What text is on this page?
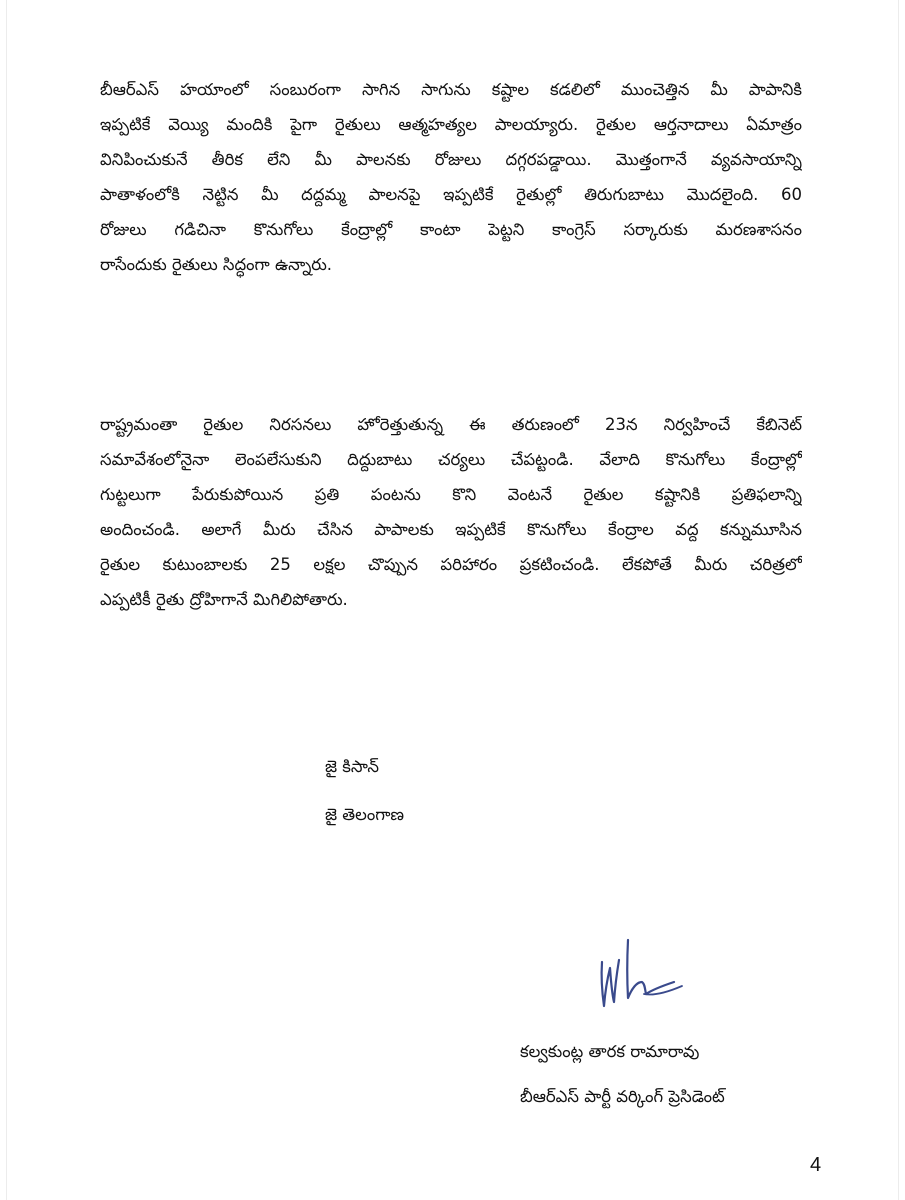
బీఆర్ఎస్ హయాంలో సంబురంగా సాగిన సాగును కష్టాల కడలిలో ముంచెత్తిన మీ పాపానికి
ఇప్పటికే వెయ్యి మందికి పైగా రైతులు ఆత్మహత్యల పాలయ్యారు. రైతుల ఆర్తనాదాలు ఏమాత్రం
వినిపించుకునే తీరిక లేని మీ పాలనకు రోజులు దగ్గరపడ్డాయి. మొత్తంగానే వ్యవసాయాన్ని
పాతాళంలోకి నెట్టిన మీ దద్దమ్మ పాలనపై ఇప్పటికే రైతుల్లో తిరుగుబాటు మొదలైంది. 60
రోజులు గడిచినా కొనుగోలు కేంద్రాల్లో కాంటా పెట్టని కాంగ్రెస్ సర్కారుకు మరణశాసనం
రాసేందుకు రైతులు సిద్ధంగా ఉన్నారు.
రాష్ట్రమంతా రైతుల నిరసనలు హోరెత్తుతున్న ఈ తరుణంలో 23న నిర్వహించే కేబినెట్
సమావేశంలోనైనా లెంపలేసుకుని దిద్దుబాటు చర్యలు చేపట్టండి. వేలాది కొనుగోలు కేంద్రాల్లో
గుట్టలుగా పేరుకుపోయిన ప్రతి పంటను కొని వెంటనే రైతుల కష్టానికి ప్రతిఫలాన్ని
అందించండి. అలాగే మీరు చేసిన పాపాలకు ఇప్పటికే కొనుగోలు కేంద్రాల వద్ద కన్నుమూసిన
రైతుల కుటుంబాలకు 25 లక్షల చొప్పున పరిహారం ప్రకటించండి. లేకపోతే మీరు చరిత్రలో
ఎప్పటికీ రైతు ద్రోహిగానే మిగిలిపోతారు.
జై కిసాన్
జై తెలంగాణ
కల్వకుంట్ల తారక రామారావు
బీఆర్ఎస్ పార్టీ వర్కింగ్ ప్రెసిడెంట్
4
